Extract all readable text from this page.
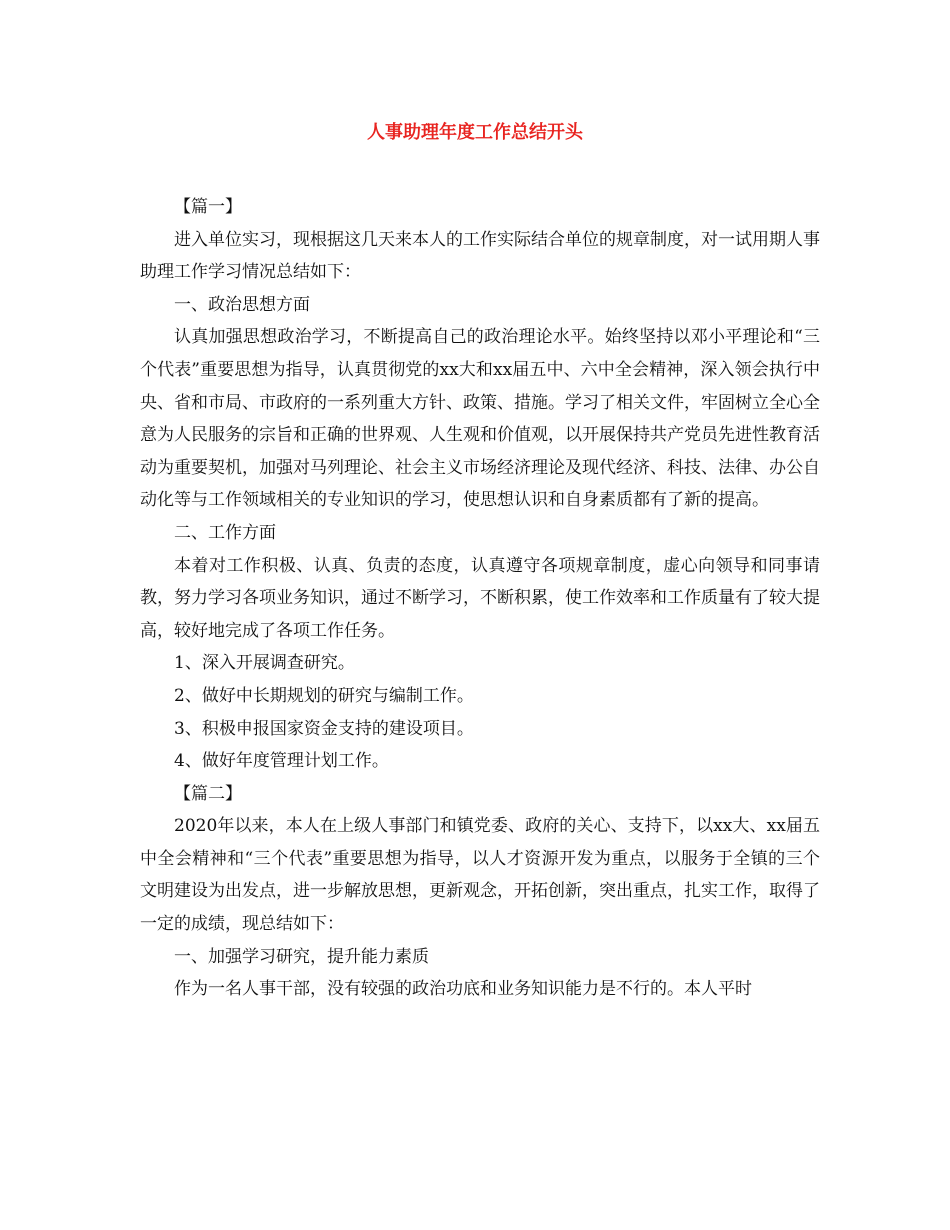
人事助理年度工作总结开头

【篇一】

进入单位实习，现根据这几天来本人的工作实际结合单位的规章制度，对一试用期人事助理工作学习情况总结如下：

一、政治思想方面

认真加强思想政治学习，不断提高自己的政治理论水平。始终坚持以邓小平理论和“三个代表”重要思想为指导，认真贯彻党的xx大和xx届五中、六中全会精神，深入领会执行中央、省和市局、市政府的一系列重大方针、政策、措施。学习了相关文件，牢固树立全心全意为人民服务的宗旨和正确的世界观、人生观和价值观，以开展保持共产党员先进性教育活动为重要契机，加强对马列理论、社会主义市场经济理论及现代经济、科技、法律、办公自动化等与工作领域相关的专业知识的学习，使思想认识和自身素质都有了新的提高。

二、工作方面

本着对工作积极、认真、负责的态度，认真遵守各项规章制度，虚心向领导和同事请教，努力学习各项业务知识，通过不断学习，不断积累，使工作效率和工作质量有了较大提高，较好地完成了各项工作任务。

1、深入开展调查研究。

2、做好中长期规划的研究与编制工作。

3、积极申报国家资金支持的建设项目。

4、做好年度管理计划工作。

【篇二】

2020年以来，本人在上级人事部门和镇党委、政府的关心、支持下，以xx大、xx届五中全会精神和“三个代表”重要思想为指导，以人才资源开发为重点，以服务于全镇的三个文明建设为出发点，进一步解放思想，更新观念，开拓创新，突出重点，扎实工作，取得了一定的成绩，现总结如下：

一、加强学习研究，提升能力素质

作为一名人事干部，没有较强的政治功底和业务知识能力是不行的。本人平时
